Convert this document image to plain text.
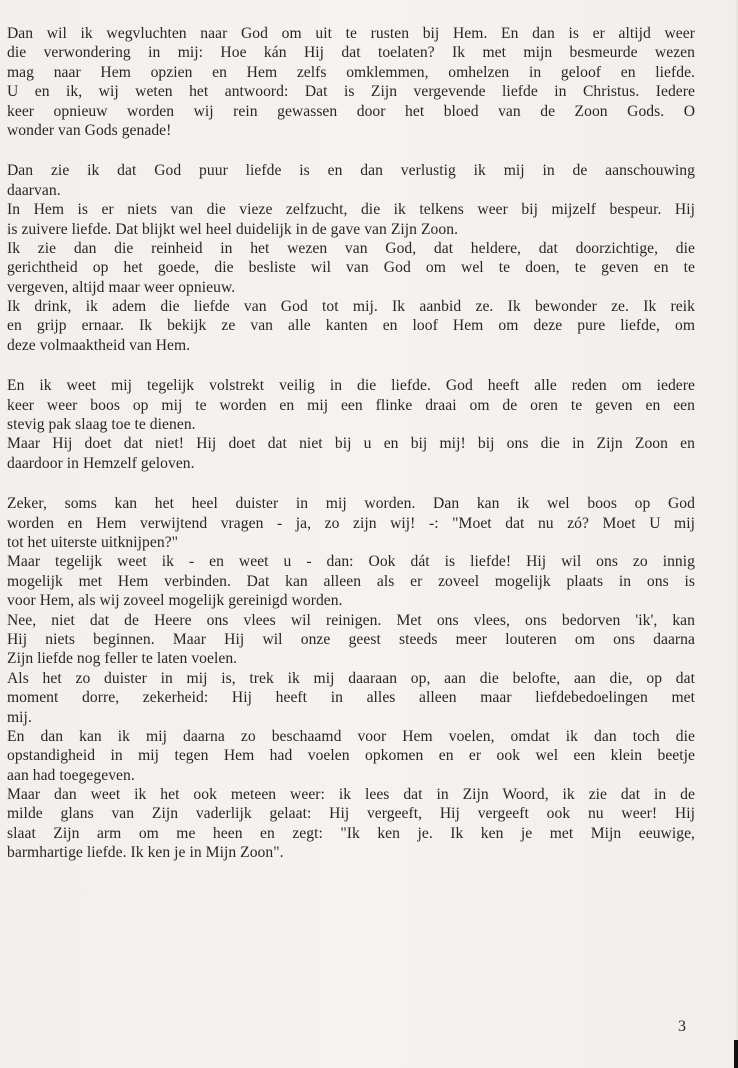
Dan wil ik wegvluchten naar God om uit te rusten bij Hem. En dan is er altijd weer
die verwondering in mij: Hoe kán Hij dat toelaten? Ik met mijn besmeurde wezen
mag naar Hem opzien en Hem zelfs omklemmen, omhelzen in geloof en liefde.
U en ik, wij weten het antwoord: Dat is Zijn vergevende liefde in Christus. Iedere
keer opnieuw worden wij rein gewassen door het bloed van de Zoon Gods. O
wonder van Gods genade!
Dan zie ik dat God puur liefde is en dan verlustig ik mij in de aanschouwing
daarvan.
In Hem is er niets van die vieze zelfzucht, die ik telkens weer bij mijzelf bespeur. Hij
is zuivere liefde. Dat blijkt wel heel duidelijk in de gave van Zijn Zoon.
Ik zie dan die reinheid in het wezen van God, dat heldere, dat doorzichtige, die
gerichtheid op het goede, die besliste wil van God om wel te doen, te geven en te
vergeven, altijd maar weer opnieuw.
Ik drink, ik adem die liefde van God tot mij. Ik aanbid ze. Ik bewonder ze. Ik reik
en grijp ernaar. Ik bekijk ze van alle kanten en loof Hem om deze pure liefde, om
deze volmaaktheid van Hem.
En ik weet mij tegelijk volstrekt veilig in die liefde. God heeft alle reden om iedere
keer weer boos op mij te worden en mij een flinke draai om de oren te geven en een
stevig pak slaag toe te dienen.
Maar Hij doet dat niet! Hij doet dat niet bij u en bij mij! bij ons die in Zijn Zoon en
daardoor in Hemzelf geloven.
Zeker, soms kan het heel duister in mij worden. Dan kan ik wel boos op God
worden en Hem verwijtend vragen - ja, zo zijn wij! -: "Moet dat nu zó? Moet U mij
tot het uiterste uitknijpen?"
Maar tegelijk weet ik - en weet u - dan: Ook dát is liefde! Hij wil ons zo innig
mogelijk met Hem verbinden. Dat kan alleen als er zoveel mogelijk plaats in ons is
voor Hem, als wij zoveel mogelijk gereinigd worden.
Nee, niet dat de Heere ons vlees wil reinigen. Met ons vlees, ons bedorven 'ik', kan
Hij niets beginnen. Maar Hij wil onze geest steeds meer louteren om ons daarna
Zijn liefde nog feller te laten voelen.
Als het zo duister in mij is, trek ik mij daaraan op, aan die belofte, aan die, op dat
moment dorre, zekerheid: Hij heeft in alles alleen maar liefdebedoelingen met
mij.
En dan kan ik mij daarna zo beschaamd voor Hem voelen, omdat ik dan toch die
opstandigheid in mij tegen Hem had voelen opkomen en er ook wel een klein beetje
aan had toegegeven.
Maar dan weet ik het ook meteen weer: ik lees dat in Zijn Woord, ik zie dat in de
milde glans van Zijn vaderlijk gelaat: Hij vergeeft, Hij vergeeft ook nu weer! Hij
slaat Zijn arm om me heen en zegt: "Ik ken je. Ik ken je met Mijn eeuwige,
barmhartige liefde. Ik ken je in Mijn Zoon".
3
